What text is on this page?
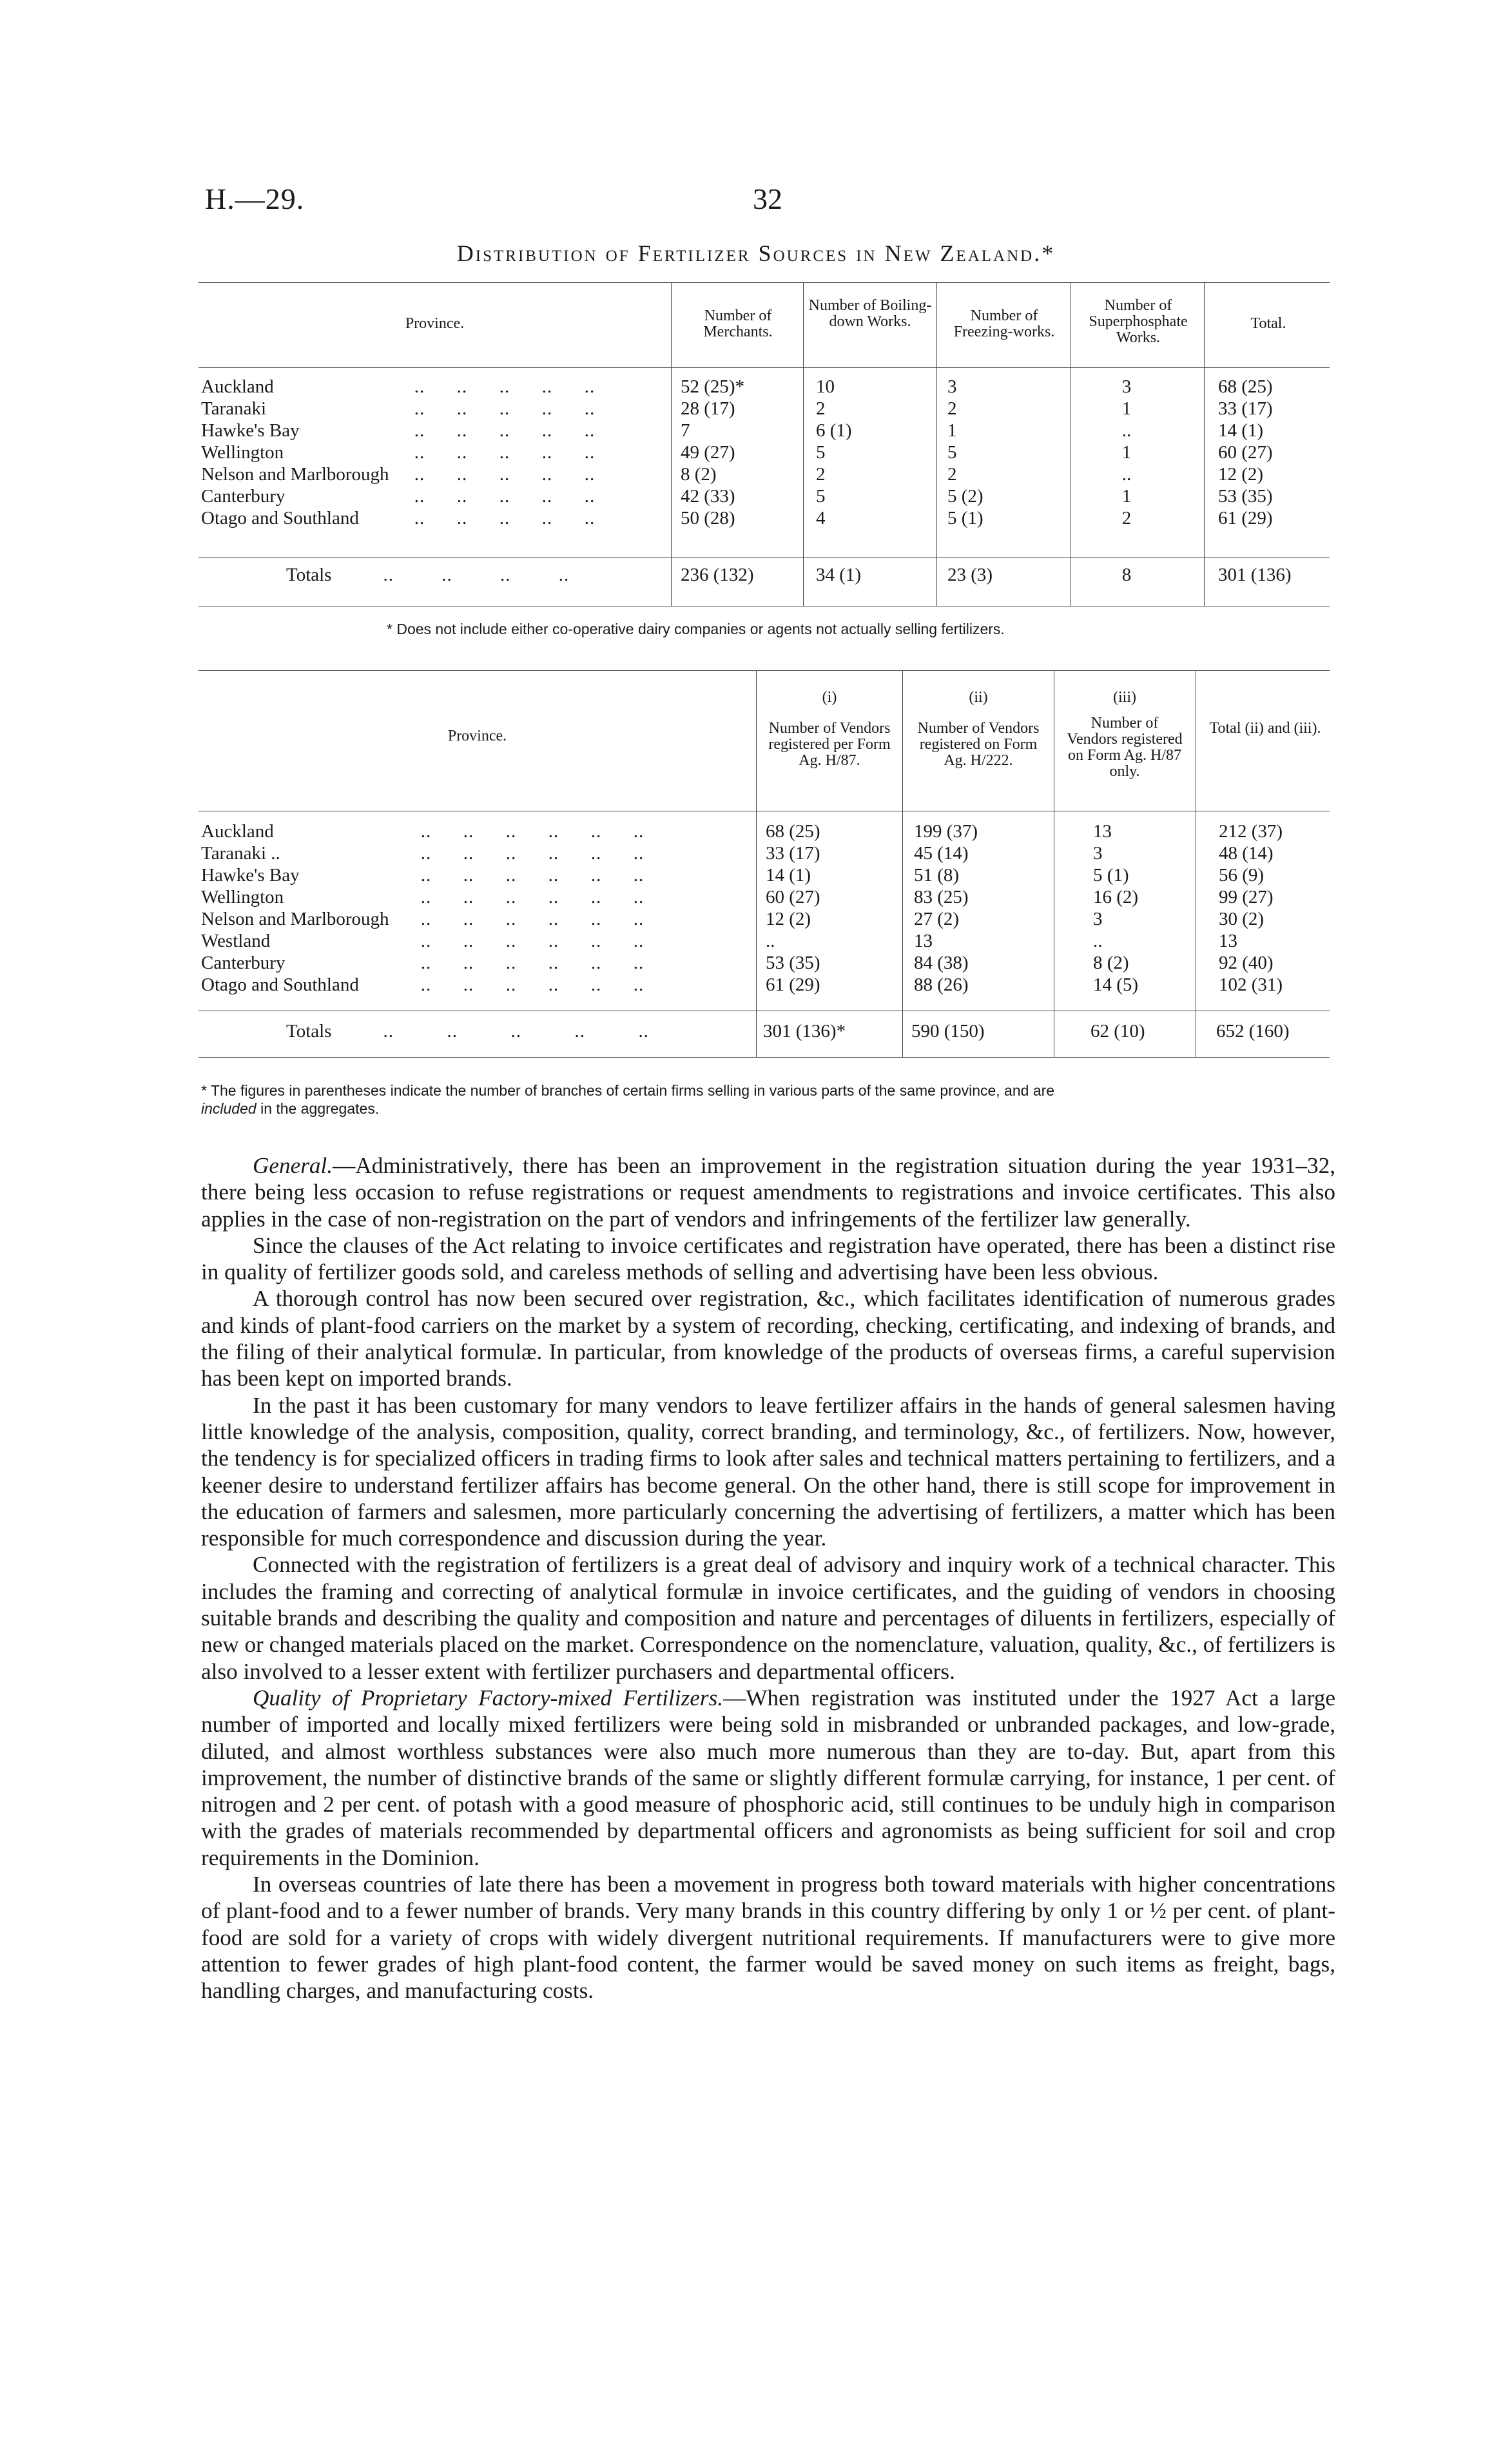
H.—29.	32
Distribution of Fertilizer Sources in New Zealand.*
Province.	Number of Merchants.
Number of Boiling-down Works.	Number of Freezing-works.
Number of Superphosphate Works.
Total.
Auckland	..      ..      ..      ..      ..	52 (25)*	10	3	3	68 (25)
Taranaki	..      ..      ..      ..      ..	28 (17)	2	2	1	33 (17)
Hawke's Bay	..      ..      ..      ..      ..	7	6 (1)	1	..	14 (1)
Wellington	..      ..      ..      ..      ..	49 (27)	5	5	1	60 (27)
Nelson and Marlborough ..      ..      ..      ..      ..	8 (2)	2	2	..	12 (2)
Canterbury	..      ..      ..      ..      ..	42 (33)	5	5 (2)	1	53 (35)
Otago and Southland ..      ..      ..      ..      ..	50 (28)	4	5 (1)	2	61 (29)
Totals ..         ..         ..         ..	236 (132)	34 (1)	23 (3)	8	301 (136)
* Does not include either co-operative dairy companies or agents not actually selling fertilizers.
Province.
(i)
Number of Vendors registered per Form Ag. H/87.
(ii)
Number of Vendors registered on Form Ag. H/222.
(iii)
Number of Vendors registered on Form Ag. H/87 only.
Total (ii) and (iii).
Auckland	..      ..      ..      ..      ..      ..	68 (25)	199 (37)	13	212 (37)
Taranaki ..	..      ..      ..      ..      ..      ..	33 (17)	45 (14)	3	48 (14)
Hawke's Bay	..      ..      ..      ..      ..      ..	14 (1)	51 (8)	5 (1)	56 (9)
Wellington	..      ..      ..      ..      ..      ..	60 (27)	83 (25)	16 (2)	99 (27)
Nelson and Marlborough ..      ..      ..      ..      ..      ..	12 (2)	27 (2)	3	30 (2)
Westland	..      ..      ..      ..      ..      ..	..	13	..	13
Canterbury	..      ..      ..      ..      ..      ..	53 (35)	84 (38)	8 (2)	92 (40)
Otago and Southland ..      ..      ..      ..      ..      ..	61 (29)	88 (26)	14 (5)	102 (31)
Totals ..          ..          ..          ..          ..	301 (136)*	590 (150)	62 (10)	652 (160)
* The figures in parentheses indicate the number of branches of certain firms selling in various parts of the same province, and are
included in the aggregates.

General.—Administratively, there has been an improvement in the registration situation during the year 1931–32, there being less occasion to refuse registrations or request amendments to registrations and invoice certificates. This also applies in the case of non-registration on the part of vendors and infringements of the fertilizer law generally.

Since the clauses of the Act relating to invoice certificates and registration have operated, there has been a distinct rise in quality of fertilizer goods sold, and careless methods of selling and advertising have been less obvious.

A thorough control has now been secured over registration, &c., which facilitates identification of numerous grades and kinds of plant-food carriers on the market by a system of recording, checking, certificating, and indexing of brands, and the filing of their analytical formulæ. In particular, from knowledge of the products of overseas firms, a careful supervision has been kept on imported brands.

In the past it has been customary for many vendors to leave fertilizer affairs in the hands of general salesmen having little knowledge of the analysis, composition, quality, correct branding, and terminology, &c., of fertilizers. Now, however, the tendency is for specialized officers in trading firms to look after sales and technical matters pertaining to fertilizers, and a keener desire to understand fertilizer affairs has become general. On the other hand, there is still scope for improvement in the education of farmers and salesmen, more particularly concerning the advertising of fertilizers, a matter which has been responsible for much correspondence and discussion during the year.

Connected with the registration of fertilizers is a great deal of advisory and inquiry work of a technical character. This includes the framing and correcting of analytical formulæ in invoice certificates, and the guiding of vendors in choosing suitable brands and describing the quality and composition and nature and percentages of diluents in fertilizers, especially of new or changed materials placed on the market. Correspondence on the nomenclature, valuation, quality, &c., of fertilizers is also involved to a lesser extent with fertilizer purchasers and departmental officers.

Quality of Proprietary Factory-mixed Fertilizers.—When registration was instituted under the 1927 Act a large number of imported and locally mixed fertilizers were being sold in misbranded or unbranded packages, and low-grade, diluted, and almost worthless substances were also much more numerous than they are to-day. But, apart from this improvement, the number of distinctive brands of the same or slightly different formulæ carrying, for instance, 1 per cent. of nitrogen and 2 per cent. of potash with a good measure of phosphoric acid, still continues to be unduly high in comparison with the grades of materials recommended by departmental officers and agronomists as being sufficient for soil and crop requirements in the Dominion.

In overseas countries of late there has been a movement in progress both toward materials with higher concentrations of plant-food and to a fewer number of brands. Very many brands in this country differing by only 1 or ½ per cent. of plant-food are sold for a variety of crops with widely divergent nutritional requirements. If manufacturers were to give more attention to fewer grades of high plant-food content, the farmer would be saved money on such items as freight, bags, handling charges, and manufacturing costs.
